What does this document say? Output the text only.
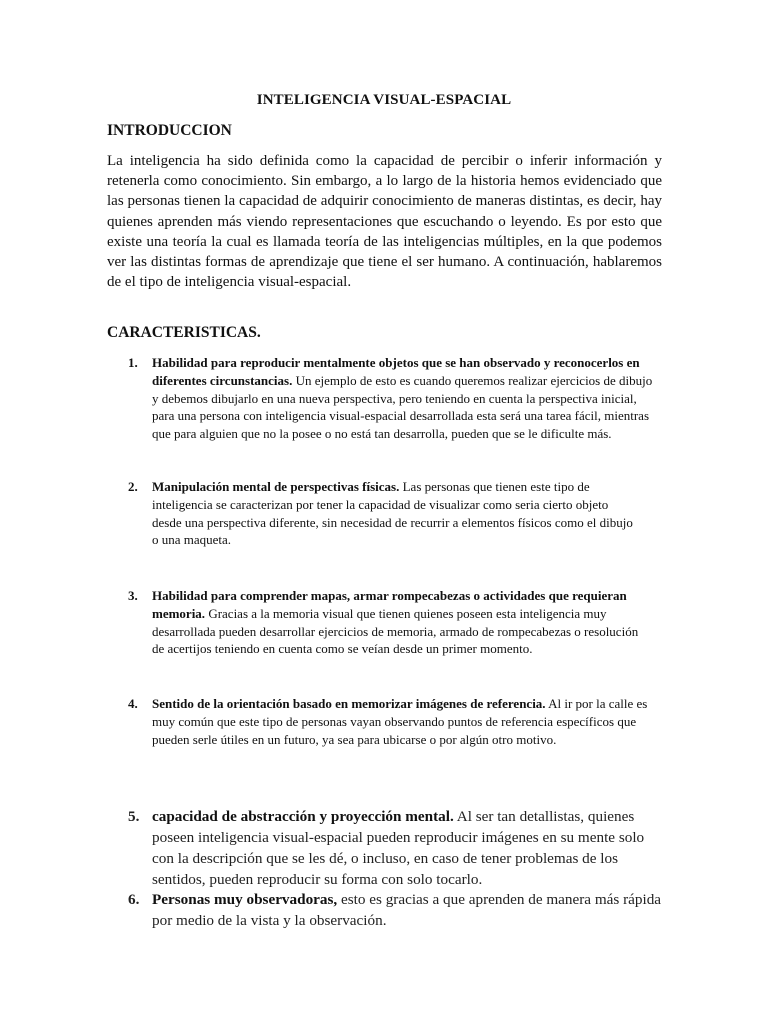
INTELIGENCIA VISUAL-ESPACIAL
INTRODUCCION
La inteligencia ha sido definida como la capacidad de percibir o inferir información y retenerla como conocimiento. Sin embargo, a lo largo de la historia hemos evidenciado que las personas tienen la capacidad de adquirir conocimiento de maneras distintas, es decir, hay quienes aprenden más viendo representaciones que escuchando o leyendo. Es por esto que existe una teoría la cual es llamada teoría de las inteligencias múltiples, en la que podemos ver las distintas formas de aprendizaje que tiene el ser humano. A continuación, hablaremos de el tipo de inteligencia visual-espacial.
CARACTERISTICAS.
1.	Habilidad para reproducir mentalmente objetos que se han observado y reconocerlos en diferentes circunstancias. Un ejemplo de esto es cuando queremos realizar ejercicios de dibujo y debemos dibujarlo en una nueva perspectiva, pero teniendo en cuenta la perspectiva inicial, para una persona con inteligencia visual-espacial desarrollada esta será una tarea fácil, mientras que para alguien que no la posee o no está tan desarrolla, pueden que se le dificulte más.
2.	Manipulación mental de perspectivas físicas. Las personas que tienen este tipo de inteligencia se caracterizan por tener la capacidad de visualizar como seria cierto objeto desde una perspectiva diferente, sin necesidad de recurrir a elementos físicos como el dibujo o una maqueta.
3.	Habilidad para comprender mapas, armar rompecabezas o actividades que requieran memoria. Gracias a la memoria visual que tienen quienes poseen esta inteligencia muy desarrollada pueden desarrollar ejercicios de memoria, armado de rompecabezas o resolución de acertijos teniendo en cuenta como se veían desde un primer momento.
4.	Sentido de la orientación basado en memorizar imágenes de referencia. Al ir por la calle es muy común que este tipo de personas vayan observando puntos de referencia específicos que pueden serle útiles en un futuro, ya sea para ubicarse o por algún otro motivo.
5. capacidad de abstracción y proyección mental. Al ser tan detallistas, quienes poseen inteligencia visual-espacial pueden reproducir imágenes en su mente solo con la descripción que se les dé, o incluso, en caso de tener problemas de los sentidos, pueden reproducir su forma con solo tocarlo.
6. Personas muy observadoras, esto es gracias a que aprenden de manera más rápida por medio de la vista y la observación.
